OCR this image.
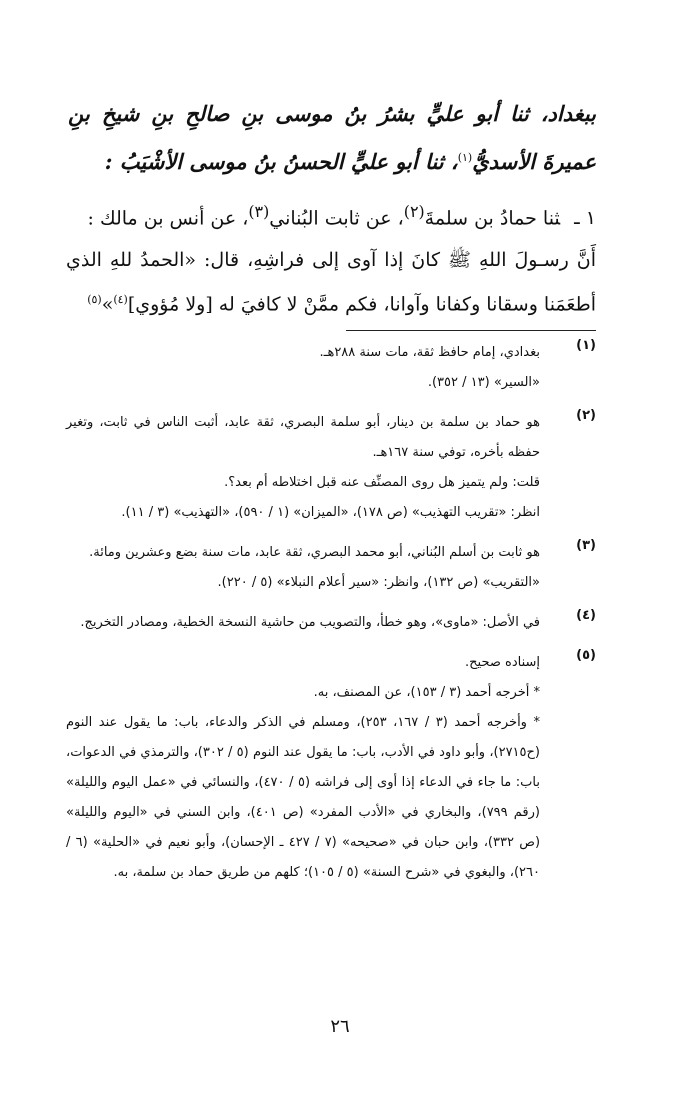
ببغداد، ثنا أبو عليٍّ بشرُ بنُ موسى بنِ صالحِ بنِ شيخِ بنِ عميرةَ الأسديُّ$^{(١)}$، ثنا أبو عليٍّ الحسنُ بنُ موسى الأشْيَبُ :
١ ـثنا حمادُ بن سلمةَ$^{(٢)}$، عن ثابت البُناني$^{(٣)}$، عن أنس بن مالك :
أَنَّ رسـولَ اللهِ ﷺ كانَ إذا آوى إلى فراشِهِ، قال: «الحمدُ للهِ الذي أطعَمَنا وسقانا وكفانا وآوانا، فكم ممَّنْ لا كافيَ له [ولا مُؤوي]$^{(٤)}$»$^{(٥)}$
(١)
بغدادي، إمام حافظ ثقة، مات سنة ٢٨٨هـ.
«السير» (١٣ / ٣٥٢).
(٢)
هو حماد بن سلمة بن دينار، أبو سلمة البصري، ثقة عابد، أثبت الناس في ثابت، وتغير حفظه بأخره، توفي سنة ١٦٧هـ.
قلت: ولم يتميز هل روى المصنِّف عنه قبل اختلاطه أم بعد؟.
انظر: «تقريب التهذيب» (ص ١٧٨)، «الميزان» (١ / ٥٩٠)، «التهذيب» (٣ / ١١).
(٣)
هو ثابت بن أسلم البُناني، أبو محمد البصري، ثقة عابد، مات سنة بضع وعشرين ومائة.
«التقريب» (ص ١٣٢)، وانظر: «سير أعلام النبلاء» (٥ / ٢٢٠).
(٤)
في الأصل: «ماوى»، وهو خطأ، والتصويب من حاشية النسخة الخطية، ومصادر التخريج.
(٥)
إسناده صحيح.
* أخرجه أحمد (٣ / ١٥٣)، عن المصنف، به.
* وأخرجه أحمد (٣ / ١٦٧، ٢٥٣)، ومسلم في الذكر والدعاء، باب: ما يقول عند النوم (ح٢٧١٥)، وأبو داود في الأدب، باب: ما يقول عند النوم (٥ / ٣٠٢)، والترمذي في الدعوات، باب: ما جاء في الدعاء إذا أوى إلى فراشه (٥ / ٤٧٠)، والنسائي في «عمل اليوم والليلة» (رقم ٧٩٩)، والبخاري في «الأدب المفرد» (ص ٤٠١)، وابن السني في «اليوم والليلة» (ص ٣٣٢)، وابن حبان في «صحيحه» (٧ / ٤٢٧ ـ الإحسان)، وأبو نعيم في «الحلية» (٦ / ٢٦٠)، والبغوي في «شرح السنة» (٥ / ١٠٥)؛ كلهم من طريق حماد بن سلمة، به.
٢٦
